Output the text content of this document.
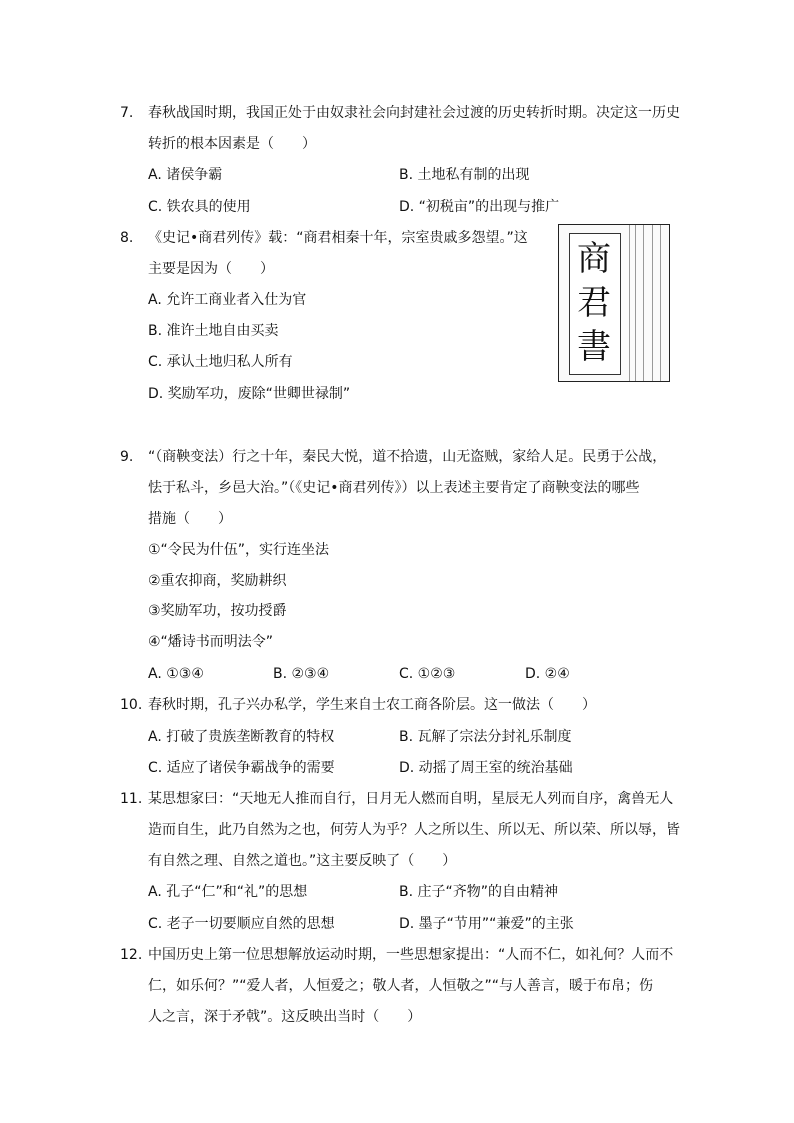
7. 春秋战国时期，我国正处于由奴隶社会向封建社会过渡的历史转折时期。决定这一历史
转折的根本因素是（　　）
A. 诸侯争霸	B. 土地私有制的出现
C. 铁农具的使用	D. “初税亩”的出现与推广
8. 《史记•商君列传》载：“商君相秦十年，宗室贵戚多怨望。”这
主要是因为（　　）
A. 允许工商业者入仕为官
B. 准许土地自由买卖
C. 承认土地归私人所有
D. 奖励军功，废除“世卿世禄制”
商
君
書
9. “（商鞅变法）行之十年，秦民大悦，道不拾遗，山无盗贼，家给人足。民勇于公战，
怯于私斗，乡邑大治。”（《史记•商君列传》）以上表述主要肯定了商鞅变法的哪些
措施（　　）
①“令民为什伍”，实行连坐法
②重农抑商，奖励耕织
③奖励军功，按功授爵
④“燔诗书而明法令”
A. ①③④	B. ②③④	C. ①②③	D. ②④
10. 春秋时期，孔子兴办私学，学生来自士农工商各阶层。这一做法（　　）
A. 打破了贵族垄断教育的特权	B. 瓦解了宗法分封礼乐制度
C. 适应了诸侯争霸战争的需要	D. 动摇了周王室的统治基础
11. 某思想家曰：“天地无人推而自行，日月无人燃而自明，星辰无人列而自序，禽兽无人
造而自生，此乃自然为之也，何劳人为乎？人之所以生、所以无、所以荣、所以辱，皆
有自然之理、自然之道也。”这主要反映了（　　）
A. 孔子“仁”和“礼”的思想	B. 庄子“齐物”的自由精神
C. 老子一切要顺应自然的思想	D. 墨子“节用”“兼爱”的主张
12. 中国历史上第一位思想解放运动时期，一些思想家提出：“人而不仁，如礼何？人而不
仁，如乐何？”“爱人者，人恒爱之；敬人者，人恒敬之”“与人善言，暖于布帛；伤
人之言，深于矛戟”。这反映出当时（　　）
